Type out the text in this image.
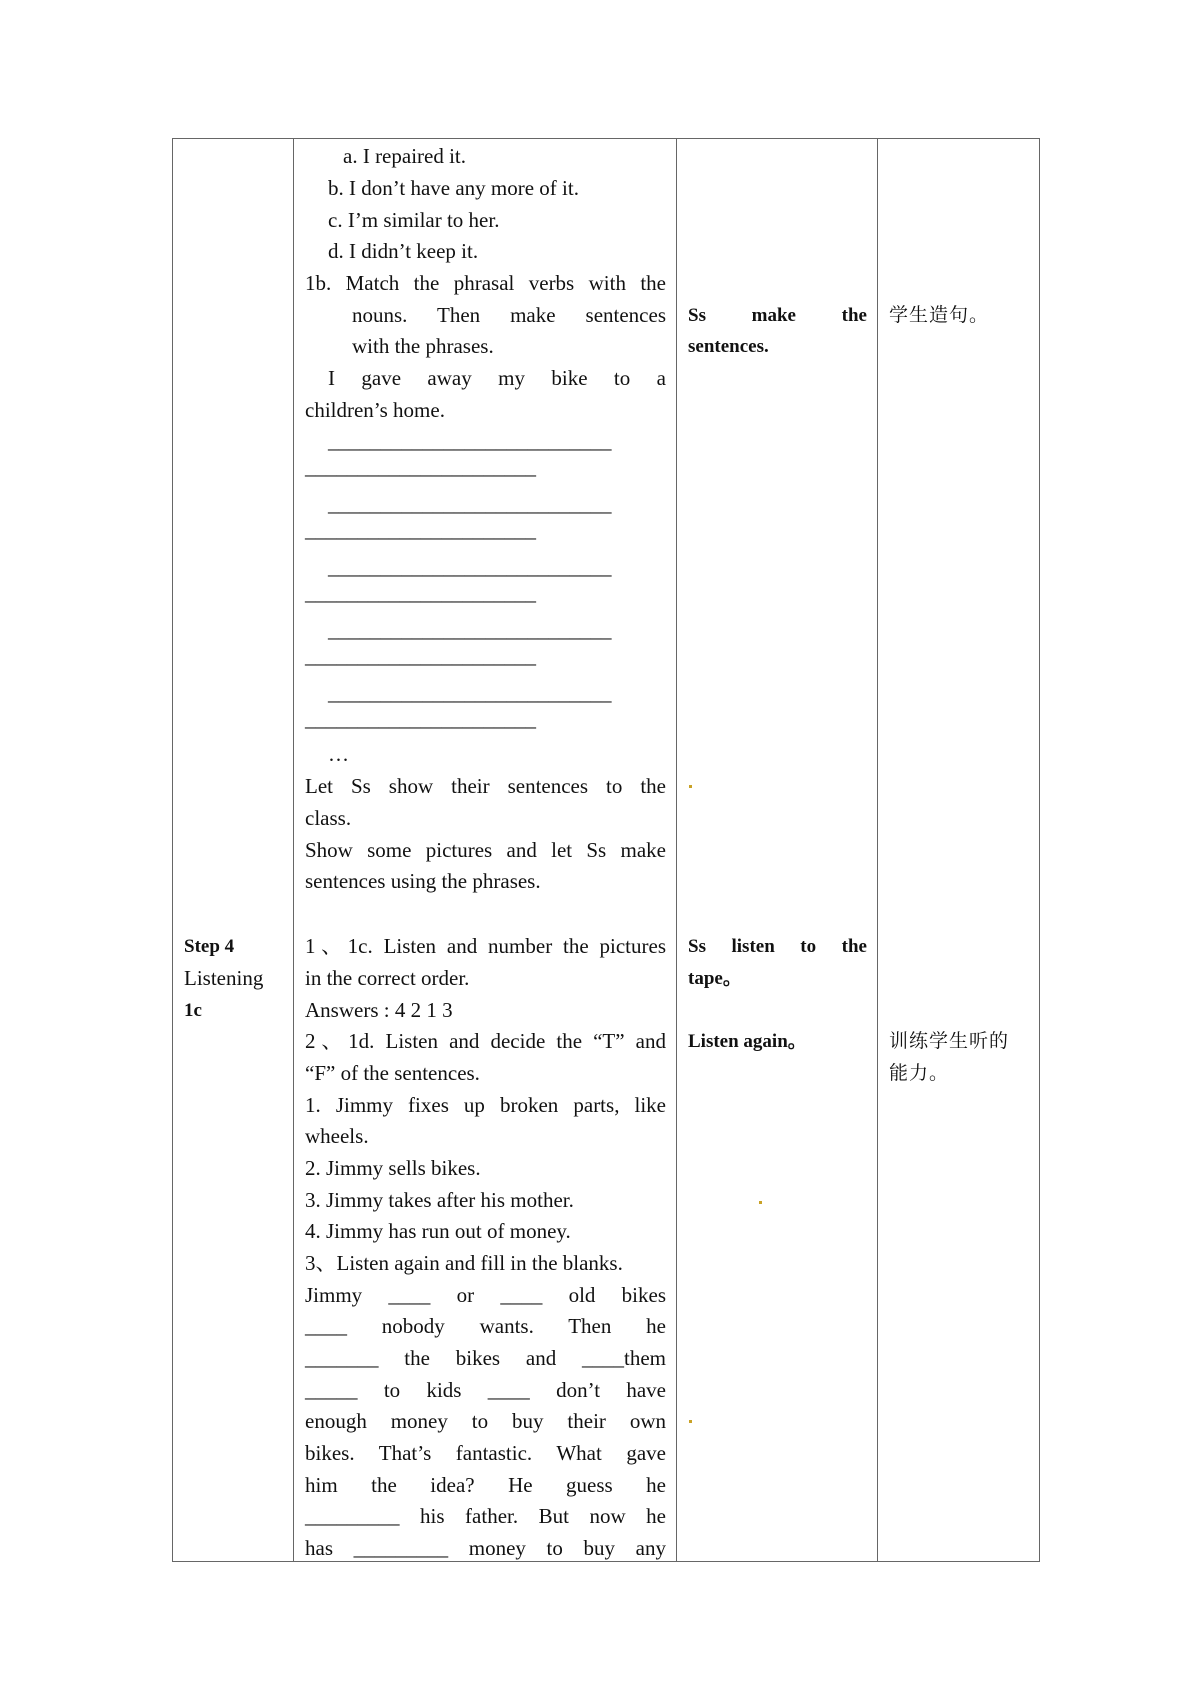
Step 4
Listening
1c
a. I repaired it.
b. I don’t have any more of it.
c. I’m similar to her.
d. I didn’t keep it.
1b. Match the phrasal verbs with the
nouns. Then make sentences
with the phrases.
I gave away my bike to a
children’s home.
___________________________
______________________
___________________________
______________________
___________________________
______________________
___________________________
______________________
___________________________
______________________
…
Let Ss show their sentences to the
class.
Show some pictures and let Ss make
sentences using the phrases.
1、1c. Listen and number the pictures
in the correct order.
Answers : 4 2 1 3
2、1d. Listen and decide the “T” and
“F” of the sentences.
1. Jimmy fixes up broken parts, like
wheels.
2. Jimmy sells bikes.
3. Jimmy takes after his mother.
4. Jimmy has run out of money.
3、Listen again and fill in the blanks.
Jimmy ____ or ____ old bikes
____ nobody wants. Then he
_______ the bikes and ____them
_____ to kids ____ don’t have
enough money to buy their own
bikes. That’s fantastic. What gave
him the idea? He guess he
_________ his father. But now he
has _________ money to buy any
Ss make the
sentences.
Ss listen to the
tape。
Listen again。
学生造句。
训练学生听的
能力。
